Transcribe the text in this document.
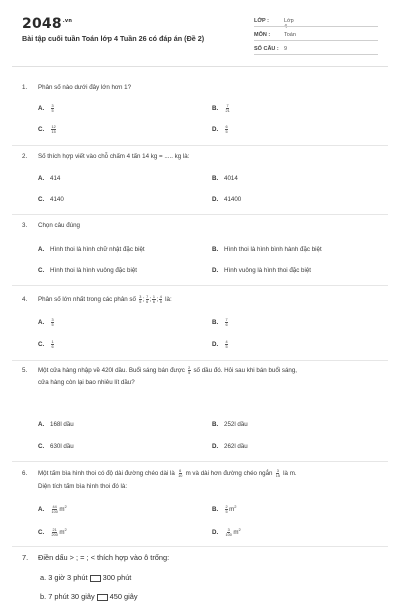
$2048^{.vn}$
Bài tập cuối tuần Toán lớp 4 Tuần 26 có đáp án (Đề 2)
LỚP :	Lớp 4
MÔN :	Toán
SỐ CÂU : 9
1. Phân số nào dưới đây lớn hơn 1?
A. $\frac{3}{5}$	B. $\frac{7}{21}$
C. $\frac{12}{15}$	D. $\frac{6}{5}$
2. Số thích hợp viết vào chỗ chấm 4 tấn 14 kg = ..... kg là:
A. 414	B. 4014
C. 4140	D. 41400
3. Chọn câu đúng
A. Hình thoi là hình chữ nhật đặc biệt	B. Hình thoi là hình bình hành đặc biệt
C. Hình thoi là hình vuông đặc biệt	D. Hình vuông là hình thoi đặc biệt
4. Phân số lớn nhất trong các phân số $\frac{3}{5}$ ; $\frac{7}{6}$ ; $\frac{1}{6}$ ; $\frac{4}{5}$ là:
A. $\frac{3}{5}$	B. $\frac{7}{6}$
C. $\frac{1}{6}$	D. $\frac{4}{5}$
5. Một cửa hàng nhập về 420l dầu. Buổi sáng bán được $\frac{2}{5}$ số dầu đó. Hỏi sau khi bán buổi sáng,
cửa hàng còn lại bao nhiêu lít dầu?
A. 168l dầu	B. 252l dầu
C. 630l dầu	D. 262l dầu
6. Một tấm bìa hình thoi có độ dài đường chéo dài là $\frac{6}{10}$ m và dài hơn đường chéo ngắn $\frac{3}{15}$ là m.
Diện tích tấm bìa hình thoi đó là:
A. $\frac{44}{100} m^2$	B. $\frac{2}{5} m^2$
C. $\frac{21}{200} m^2$	D. $\frac{3}{100} m^2$
7. Điền dấu > ; = ; < thích hợp vào ô trống:
a. 3 giờ 3 phút 300 phút
b. 7 phút 30 giây 450 giây
